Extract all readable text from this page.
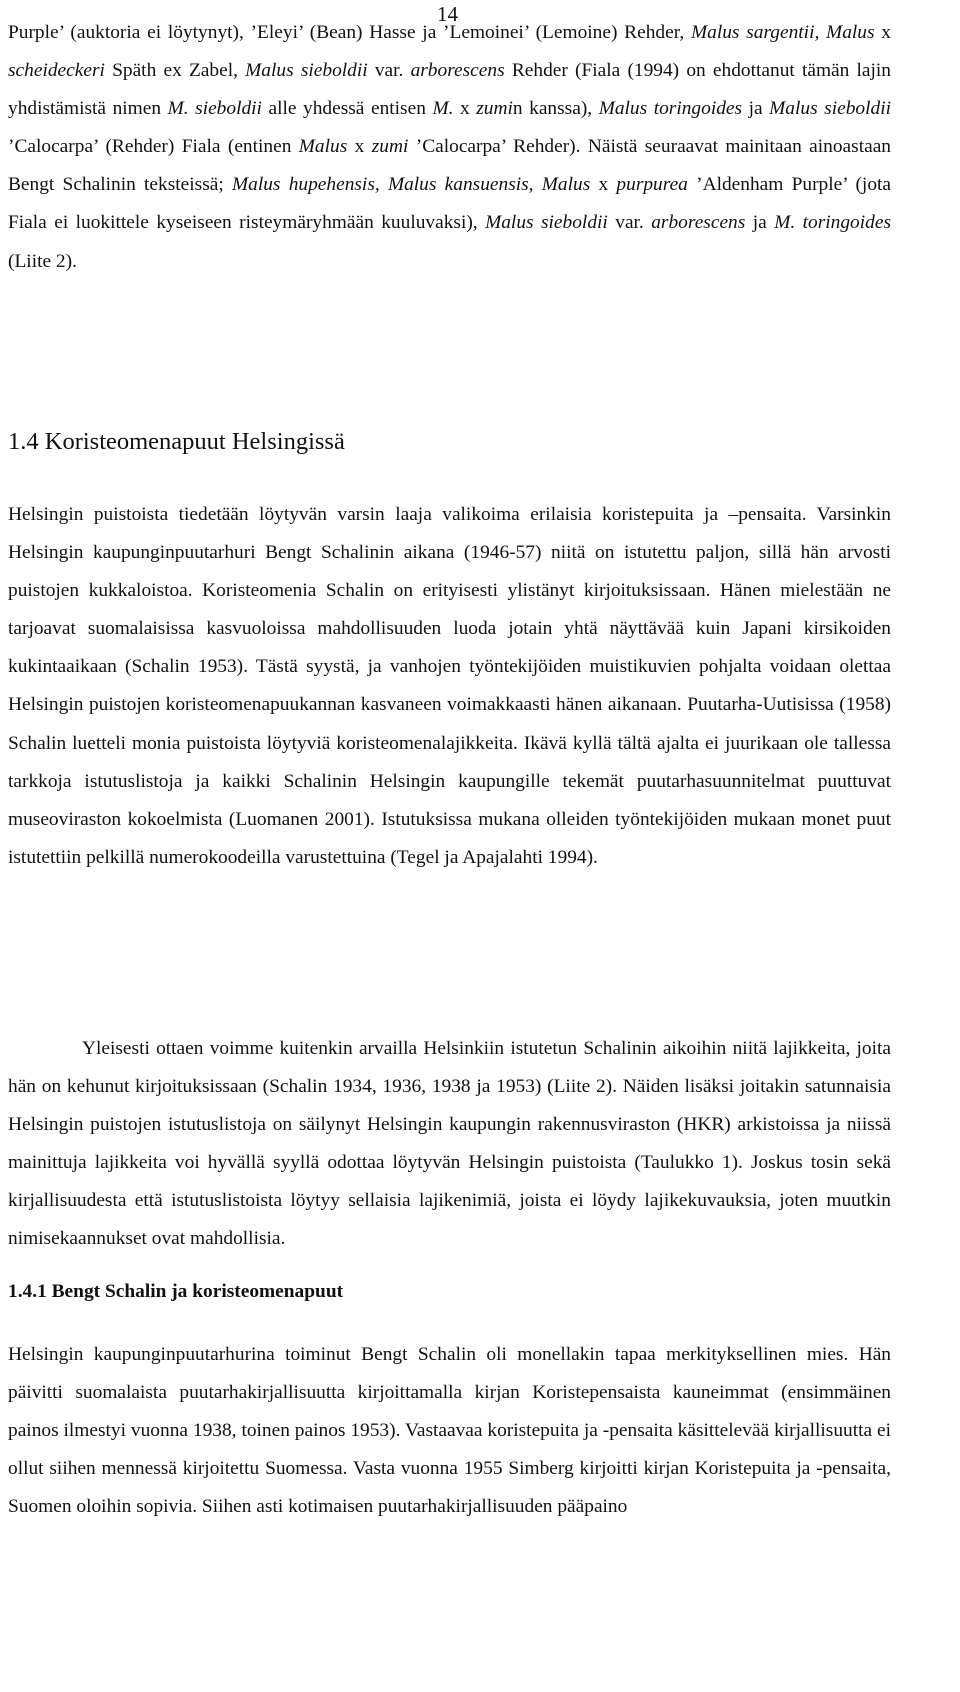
14

Purple’ (auktoria ei löytynyt), ’Eleyi’ (Bean) Hasse ja ’Lemoinei’ (Lemoine) Rehder, Malus sargentii, Malus x scheideckeri Späth ex Zabel, Malus sieboldii var. arborescens Rehder (Fiala (1994) on ehdottanut tämän lajin yhdistämistä nimen M. sieboldii alle yhdessä entisen M. x zumin kanssa), Malus toringoides ja Malus sieboldii ’Calocarpa’ (Rehder) Fiala (entinen Malus x zumi ’Calocarpa’ Rehder). Näistä seuraavat mainitaan ainoastaan Bengt Schalinin teksteissä; Malus hupehensis, Malus kansuensis, Malus x purpurea ’Aldenham Purple’ (jota Fiala ei luokittele kyseiseen risteymäryhmään kuuluvaksi), Malus sieboldii var. arborescens ja M. toringoides (Liite 2).

1.4 Koristeomenapuut Helsingissä

Helsingin puistoista tiedetään löytyvän varsin laaja valikoima erilaisia koristepuita ja –pensaita. Varsinkin Helsingin kaupunginpuutarhuri Bengt Schalinin aikana (1946-57) niitä on istutettu paljon, sillä hän arvosti puistojen kukkaloistoa. Koristeomenia Schalin on erityisesti ylistänyt kirjoituksissaan. Hänen mielestään ne tarjoavat suomalaisissa kasvuoloissa mahdollisuuden luoda jotain yhtä näyttävää kuin Japani kirsikoiden kukintaaikaan (Schalin 1953). Tästä syystä, ja vanhojen työntekijöiden muistikuvien pohjalta voidaan olettaa Helsingin puistojen koristeomenapuukannan kasvaneen voimakkaasti hänen aikanaan. Puutarha-Uutisissa (1958) Schalin luetteli monia puistoista löytyviä koristeomenalajikkeita. Ikävä kyllä tältä ajalta ei juurikaan ole tallessa tarkkoja istutuslistoja ja kaikki Schalinin Helsingin kaupungille tekemät puutarhasuunnitelmat puuttuvat museoviraston kokoelmista (Luomanen 2001). Istutuksissa mukana olleiden työntekijöiden mukaan monet puut istutettiin pelkillä numerokoodeilla varustettuina (Tegel ja Apajalahti 1994).

Yleisesti ottaen voimme kuitenkin arvailla Helsinkiin istutetun Schalinin aikoihin niitä lajikkeita, joita hän on kehunut kirjoituksissaan (Schalin 1934, 1936, 1938 ja 1953) (Liite 2). Näiden lisäksi joitakin satunnaisia Helsingin puistojen istutuslistoja on säilynyt Helsingin kaupungin rakennusviraston (HKR) arkistoissa ja niissä mainittuja lajikkeita voi hyvällä syyllä odottaa löytyvän Helsingin puistoista (Taulukko 1). Joskus tosin sekä kirjallisuudesta että istutuslistoista löytyy sellaisia lajikenimiä, joista ei löydy lajikekuvauksia, joten muutkin nimisekaannukset ovat mahdollisia.

1.4.1 Bengt Schalin ja koristeomenapuut

Helsingin kaupunginpuutarhurina toiminut Bengt Schalin oli monellakin tapaa merkityksellinen mies. Hän päivitti suomalaista puutarhakirjallisuutta kirjoittamalla kirjan Koristepensaista kauneimmat (ensimmäinen painos ilmestyi vuonna 1938, toinen painos 1953). Vastaavaa koristepuita ja -pensaita käsittelevää kirjallisuutta ei ollut siihen mennessä kirjoitettu Suomessa. Vasta vuonna 1955 Simberg kirjoitti kirjan Koristepuita ja -pensaita, Suomen oloihin sopivia. Siihen asti kotimaisen puutarhakirjallisuuden pääpaino
